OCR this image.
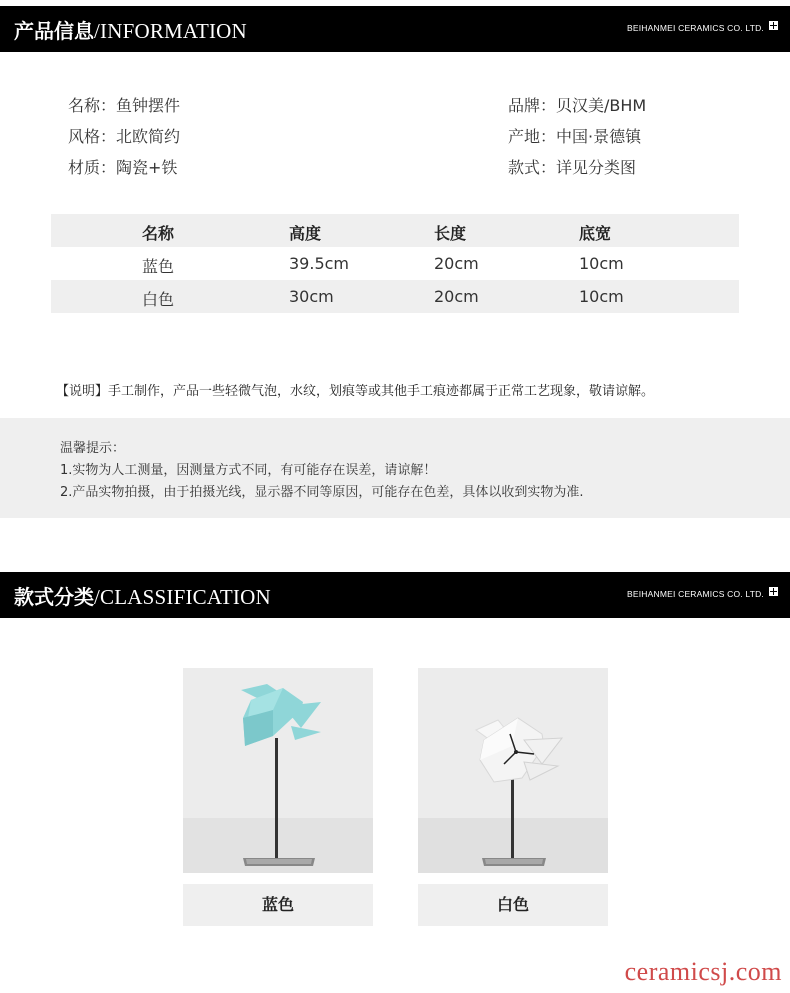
产品信息/INFORMATION	BEIHANMEI CERAMICS CO. LTD.
名称：鱼钟摆件
风格：北欧简约
材质：陶瓷+铁
品牌：贝汉美/BHM
产地：中国·景德镇
款式：详见分类图
名称	高度	长度	底宽
蓝色	39.5cm	20cm	10cm
白色	30cm	20cm	10cm
【说明】手工制作，产品一些轻微气泡，水纹，划痕等或其他手工痕迹都属于正常工艺现象，敬请谅解。
温馨提示：
1.实物为人工测量，因测量方式不同，有可能存在误差，请谅解！
2.产品实物拍摄，由于拍摄光线，显示器不同等原因，可能存在色差，具体以收到实物为准.
款式分类/CLASSIFICATION	BEIHANMEI CERAMICS CO. LTD.
蓝色	白色
ceramicsj.com
